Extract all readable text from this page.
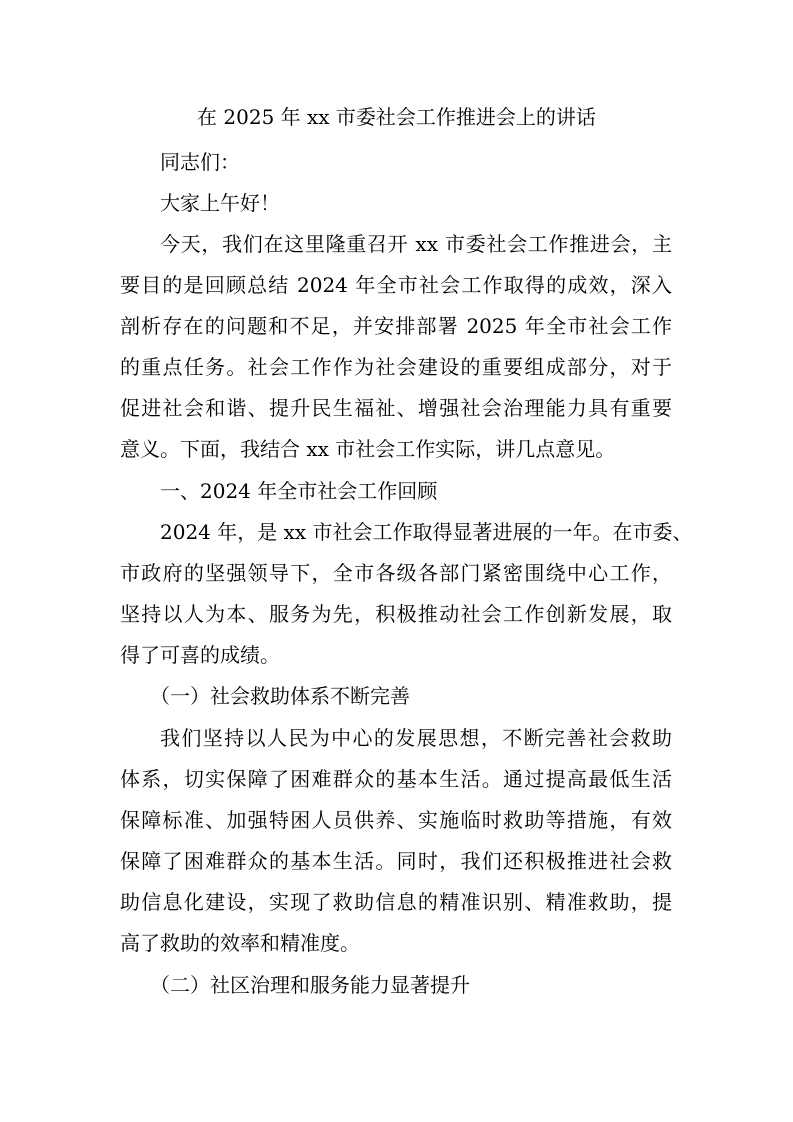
在 2025 年 xx 市委社会工作推进会上的讲话
同志们：
大家上午好！
今天，我们在这里隆重召开 xx 市委社会工作推进会，主
要目的是回顾总结 2024 年全市社会工作取得的成效，深入
剖析存在的问题和不足，并安排部署 2025 年全市社会工作
的重点任务。社会工作作为社会建设的重要组成部分，对于
促进社会和谐、提升民生福祉、增强社会治理能力具有重要
意义。下面，我结合 xx 市社会工作实际，讲几点意见。
一、2024 年全市社会工作回顾
2024 年，是 xx 市社会工作取得显著进展的一年。在市委、
市政府的坚强领导下，全市各级各部门紧密围绕中心工作，
坚持以人为本、服务为先，积极推动社会工作创新发展，取
得了可喜的成绩。
（一）社会救助体系不断完善
我们坚持以人民为中心的发展思想，不断完善社会救助
体系，切实保障了困难群众的基本生活。通过提高最低生活
保障标准、加强特困人员供养、实施临时救助等措施，有效
保障了困难群众的基本生活。同时，我们还积极推进社会救
助信息化建设，实现了救助信息的精准识别、精准救助，提
高了救助的效率和精准度。
（二）社区治理和服务能力显著提升
